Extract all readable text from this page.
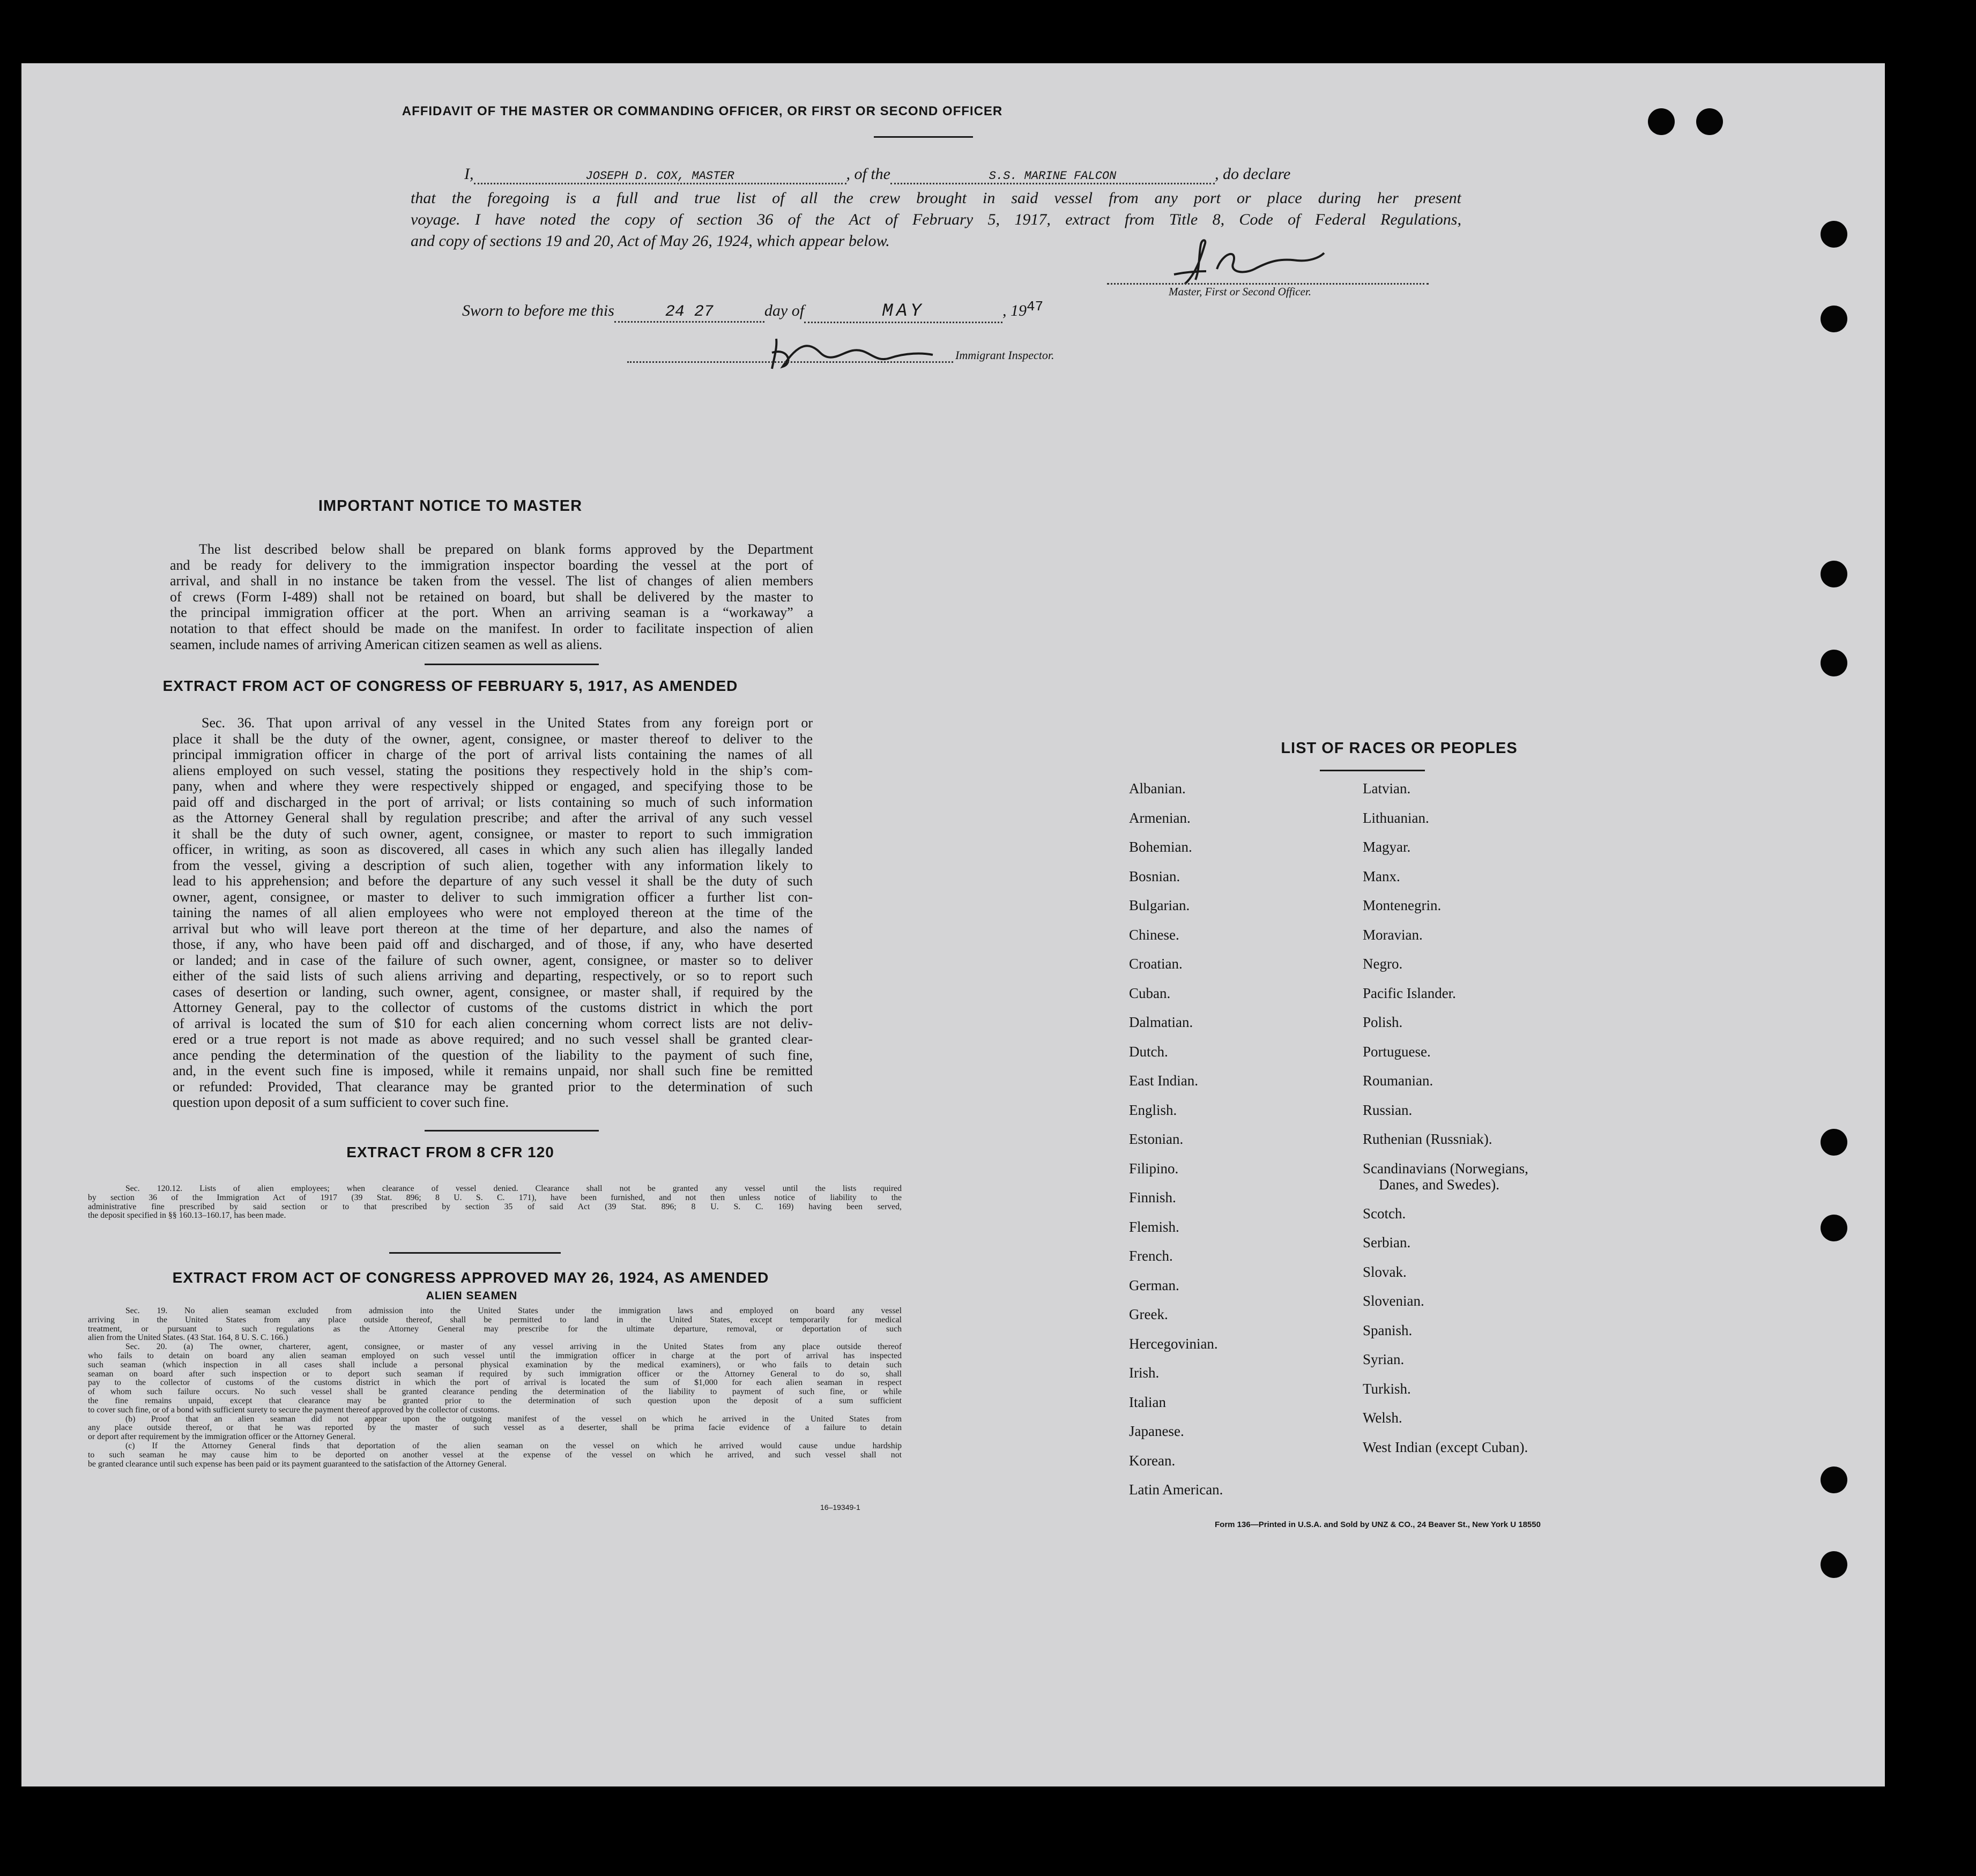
AFFIDAVIT OF THE MASTER OR COMMANDING OFFICER, OR FIRST OR SECOND OFFICER
I,	JOSEPH D. COX, MASTER	, of the	S.S. MARINE FALCON	, do declare
that the foregoing is a full and true list of all the crew brought in said vessel from any port or place during her present
voyage. I have noted the copy of section 36 of the Act of February 5, 1917, extract from Title 8, Code of Federal Regulations,
and copy of sections 19 and 20, Act of May 26, 1924, which appear below.
Master, First or Second Officer.
Sworn to before me this	24 27	day of	MAY	, 1947
Immigrant Inspector.
IMPORTANT NOTICE TO MASTER
The list described below shall be prepared on blank forms approved by the Department
and be ready for delivery to the immigration inspector boarding the vessel at the port of
arrival, and shall in no instance be taken from the vessel. The list of changes of alien members
of crews (Form I-489) shall not be retained on board, but shall be delivered by the master to
the principal immigration officer at the port. When an arriving seaman is a “workaway” a
notation to that effect should be made on the manifest. In order to facilitate inspection of alien
seamen, include names of arriving American citizen seamen as well as aliens.
EXTRACT FROM ACT OF CONGRESS OF FEBRUARY 5, 1917, AS AMENDED
Sec. 36. That upon arrival of any vessel in the United States from any foreign port or
place it shall be the duty of the owner, agent, consignee, or master thereof to deliver to the
principal immigration officer in charge of the port of arrival lists containing the names of all
aliens employed on such vessel, stating the positions they respectively hold in the ship’s com-
pany, when and where they were respectively shipped or engaged, and specifying those to be
paid off and discharged in the port of arrival; or lists containing so much of such information
as the Attorney General shall by regulation prescribe; and after the arrival of any such vessel
it shall be the duty of such owner, agent, consignee, or master to report to such immigration
officer, in writing, as soon as discovered, all cases in which any such alien has illegally landed
from the vessel, giving a description of such alien, together with any information likely to
lead to his apprehension; and before the departure of any such vessel it shall be the duty of such
owner, agent, consignee, or master to deliver to such immigration officer a further list con-
taining the names of all alien employees who were not employed thereon at the time of the
arrival but who will leave port thereon at the time of her departure, and also the names of
those, if any, who have been paid off and discharged, and of those, if any, who have deserted
or landed; and in case of the failure of such owner, agent, consignee, or master so to deliver
either of the said lists of such aliens arriving and departing, respectively, or so to report such
cases of desertion or landing, such owner, agent, consignee, or master shall, if required by the
Attorney General, pay to the collector of customs of the customs district in which the port
of arrival is located the sum of $10 for each alien concerning whom correct lists are not deliv-
ered or a true report is not made as above required; and no such vessel shall be granted clear-
ance pending the determination of the question of the liability to the payment of such fine,
and, in the event such fine is imposed, while it remains unpaid, nor shall such fine be remitted
or refunded: Provided, That clearance may be granted prior to the determination of such
question upon deposit of a sum sufficient to cover such fine.
EXTRACT FROM 8 CFR 120
Sec. 120.12. Lists of alien employees; when clearance of vessel denied. Clearance shall not be granted any vessel until the lists required
by section 36 of the Immigration Act of 1917 (39 Stat. 896; 8 U. S. C. 171), have been furnished, and not then unless notice of liability to the
administrative fine prescribed by said section or to that prescribed by section 35 of said Act (39 Stat. 896; 8 U. S. C. 169) having been served,
the deposit specified in §§ 160.13–160.17, has been made.
EXTRACT FROM ACT OF CONGRESS APPROVED MAY 26, 1924, AS AMENDED
ALIEN SEAMEN
Sec. 19. No alien seaman excluded from admission into the United States under the immigration laws and employed on board any vessel
arriving in the United States from any place outside thereof, shall be permitted to land in the United States, except temporarily for medical
treatment, or pursuant to such regulations as the Attorney General may prescribe for the ultimate departure, removal, or deportation of such
alien from the United States. (43 Stat. 164, 8 U. S. C. 166.)
Sec. 20. (a) The owner, charterer, agent, consignee, or master of any vessel arriving in the United States from any place outside thereof
who fails to detain on board any alien seaman employed on such vessel until the immigration officer in charge at the port of arrival has inspected
such seaman (which inspection in all cases shall include a personal physical examination by the medical examiners), or who fails to detain such
seaman on board after such inspection or to deport such seaman if required by such immigration officer or the Attorney General to do so, shall
pay to the collector of customs of the customs district in which the port of arrival is located the sum of $1,000 for each alien seaman in respect
of whom such failure occurs. No such vessel shall be granted clearance pending the determination of the liability to payment of such fine, or while
the fine remains unpaid, except that clearance may be granted prior to the determination of such question upon the deposit of a sum sufficient
to cover such fine, or of a bond with sufficient surety to secure the payment thereof approved by the collector of customs.
(b) Proof that an alien seaman did not appear upon the outgoing manifest of the vessel on which he arrived in the United States from
any place outside thereof, or that he was reported by the master of such vessel as a deserter, shall be prima facie evidence of a failure to detain
or deport after requirement by the immigration officer or the Attorney General.
(c) If the Attorney General finds that deportation of the alien seaman on the vessel on which he arrived would cause undue hardship
to such seaman he may cause him to be deported on another vessel at the expense of the vessel on which he arrived, and such vessel shall not
be granted clearance until such expense has been paid or its payment guaranteed to the satisfaction of the Attorney General.
16–19349-1
LIST OF RACES OR PEOPLES
Albanian.
Armenian.
Bohemian.
Bosnian.
Bulgarian.
Chinese.
Croatian.
Cuban.
Dalmatian.
Dutch.
East Indian.
English.
Estonian.
Filipino.
Finnish.
Flemish.
French.
German.
Greek.
Hercegovinian.
Irish.
Italian
Japanese.
Korean.
Latin American.
Latvian.
Lithuanian.
Magyar.
Manx.
Montenegrin.
Moravian.
Negro.
Pacific Islander.
Polish.
Portuguese.
Roumanian.
Russian.
Ruthenian (Russniak).
Scandinavians (Norwegians,
Danes, and Swedes).
Scotch.
Serbian.
Slovak.
Slovenian.
Spanish.
Syrian.
Turkish.
Welsh.
West Indian (except Cuban).
Form 136—Printed in U.S.A. and Sold by UNZ & CO., 24 Beaver St., New York U 18550
